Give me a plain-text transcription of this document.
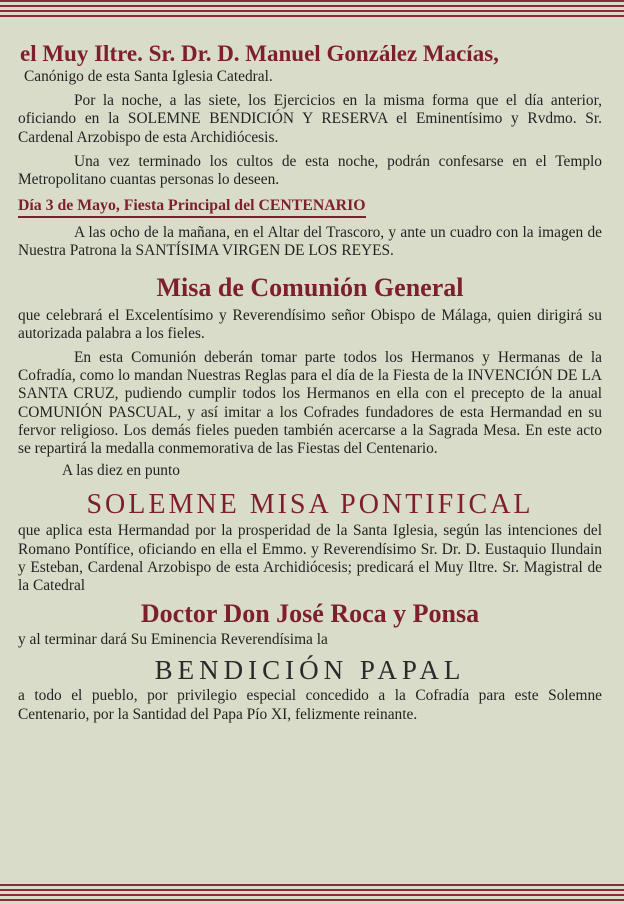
el Muy Iltre. Sr. Dr. D. Manuel González Macías,

Canónigo de esta Santa Iglesia Catedral.

Por la noche, a las siete, los Ejercicios en la misma forma que el día anterior, oficiando en la SOLEMNE BENDICIÓN Y RESERVA el Eminentísimo y Rvdmo. Sr. Cardenal Arzobispo de esta Archidiócesis.

Una vez terminado los cultos de esta noche, podrán confesarse en el Templo Metropolitano cuantas personas lo deseen.

Día 3 de Mayo, Fiesta Principal del CENTENARIO

A las ocho de la mañana, en el Altar del Trascoro, y ante un cuadro con la imagen de Nuestra Patrona la SANTÍSIMA VIRGEN DE LOS REYES.

Misa de Comunión General

que celebrará el Excelentísimo y Reverendísimo señor Obispo de Málaga, quien dirigirá su autorizada palabra a los fieles.

En esta Comunión deberán tomar parte todos los Hermanos y Hermanas de la Cofradía, como lo mandan Nuestras Reglas para el día de la Fiesta de la INVENCIÓN DE LA SANTA CRUZ, pudiendo cumplir todos los Hermanos en ella con el precepto de la anual COMUNIÓN PASCUAL, y así imitar a los Cofrades fundadores de esta Hermandad en su fervor religioso. Los demás fieles pueden también acercarse a la Sagrada Mesa. En este acto se repartirá la medalla conmemorativa de las Fiestas del Centenario.

A las diez en punto

SOLEMNE MISA PONTIFICAL

que aplica esta Hermandad por la prosperidad de la Santa Iglesia, según las intenciones del Romano Pontífice, oficiando en ella el Emmo. y Reverendísimo Sr. Dr. D. Eustaquio Ilundain y Esteban, Cardenal Arzobispo de esta Archidiócesis; predicará el Muy Iltre. Sr. Magistral de la Catedral

Doctor Don José Roca y Ponsa

y al terminar dará Su Eminencia Reverendísima la

BENDICIÓN PAPAL

a todo el pueblo, por privilegio especial concedido a la Cofradía para este Solemne Centenario, por la Santidad del Papa Pío XI, felizmente reinante.
